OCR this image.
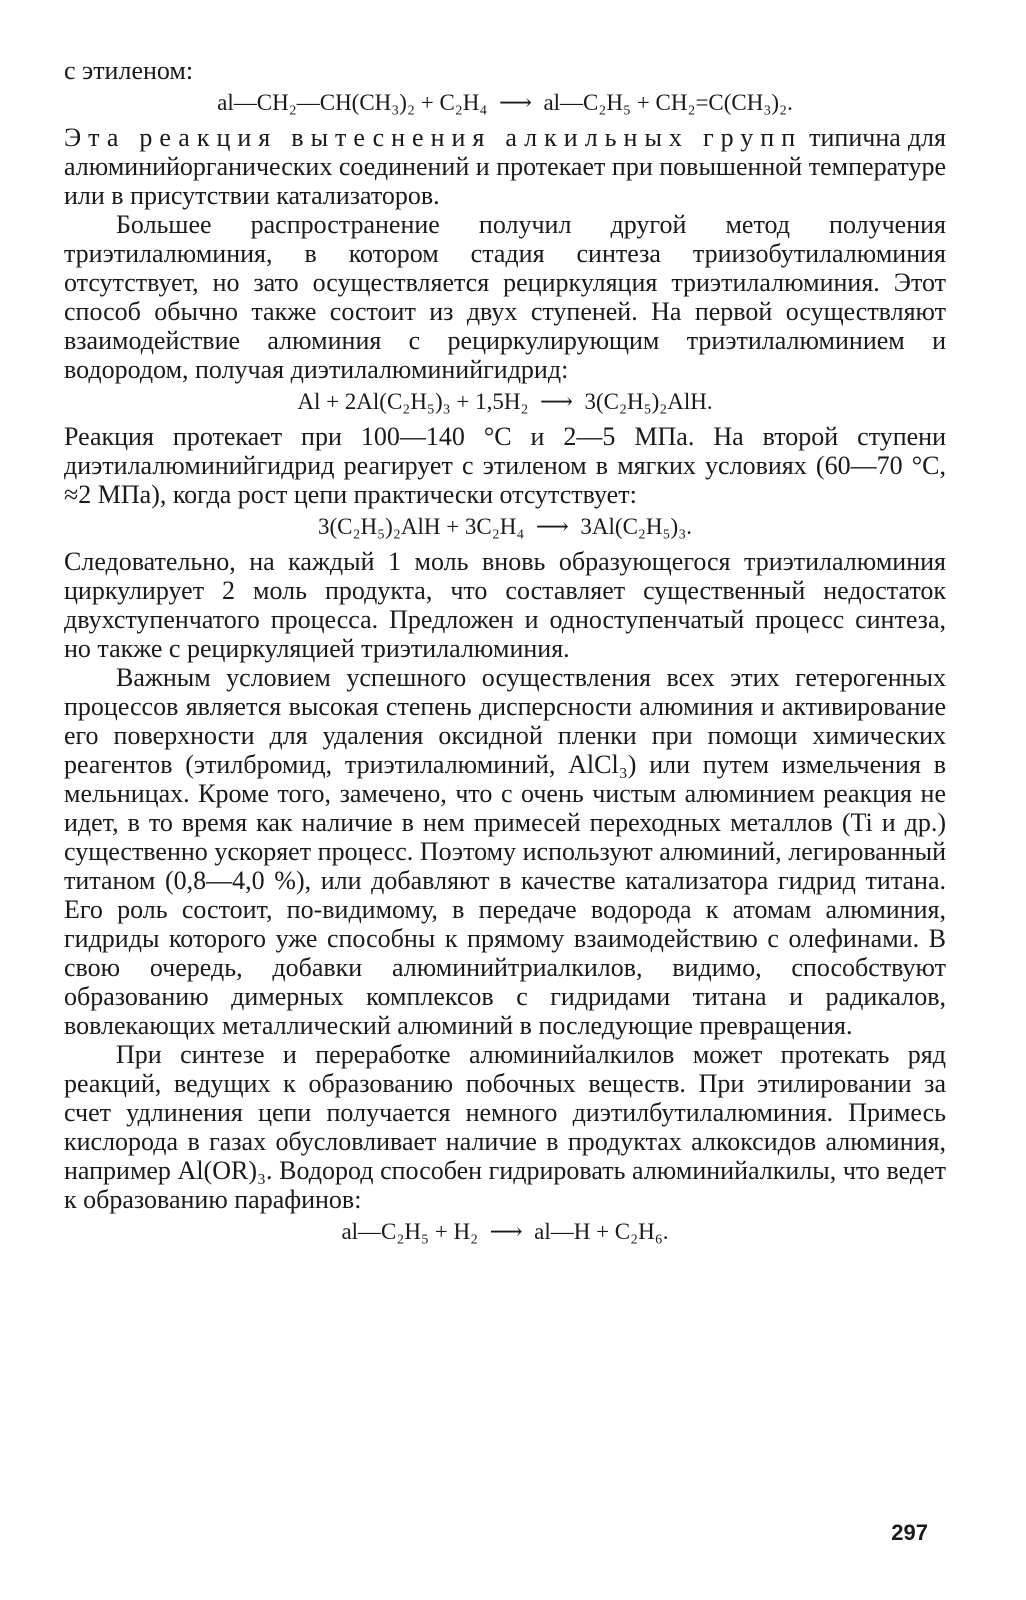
с этиленом:

al—CH₂—CH(CH₃)₂ + C₂H₄ ⟶ al—C₂H₅ + CH₂=C(CH₃)₂.

Эта реакция вытеснения алкильных групп типична для алюминийорганических соединений и протекает при повышенной температуре или в присутствии катализаторов.

Большее распространение получил другой метод получения триэтилалюминия, в котором стадия синтеза триизобутилалюминия отсутствует, но зато осуществляется рециркуляция триэтилалюминия. Этот способ обычно также состоит из двух ступеней. На первой осуществляют взаимодействие алюминия с рециркулирующим триэтилалюминием и водородом, получая диэтилалюминийгидрид:

Al + 2Al(C₂H₅)₃ + 1,5H₂ ⟶ 3(C₂H₅)₂AlH.

Реакция протекает при 100—140 °C и 2—5 МПа. На второй ступени диэтилалюминийгидрид реагирует с этиленом в мягких условиях (60—70 °C, ≈2 МПа), когда рост цепи практически отсутствует:

3(C₂H₅)₂AlH + 3C₂H₄ ⟶ 3Al(C₂H₅)₃.

Следовательно, на каждый 1 моль вновь образующегося триэтилалюминия циркулирует 2 моль продукта, что составляет существенный недостаток двухступенчатого процесса. Предложен и одноступенчатый процесс синтеза, но также с рециркуляцией триэтилалюминия.

Важным условием успешного осуществления всех этих гетерогенных процессов является высокая степень дисперсности алюминия и активирование его поверхности для удаления оксидной пленки при помощи химических реагентов (этилбромид, триэтилалюминий, AlCl₃) или путем измельчения в мельницах. Кроме того, замечено, что с очень чистым алюминием реакция не идет, в то время как наличие в нем примесей переходных металлов (Ti и др.) существенно ускоряет процесс. Поэтому используют алюминий, легированный титаном (0,8—4,0 %), или добавляют в качестве катализатора гидрид титана. Его роль состоит, по-видимому, в передаче водорода к атомам алюминия, гидриды которого уже способны к прямому взаимодействию с олефинами. В свою очередь, добавки алюминийтриалкилов, видимо, способствуют образованию димерных комплексов с гидридами титана и радикалов, вовлекающих металлический алюминий в последующие превращения.

При синтезе и переработке алюминийалкилов может протекать ряд реакций, ведущих к образованию побочных веществ. При этилировании за счет удлинения цепи получается немного диэтилбутилалюминия. Примесь кислорода в газах обусловливает наличие в продуктах алкоксидов алюминия, например Al(OR)₃. Водород способен гидрировать алюминийалкилы, что ведет к образованию парафинов:

al—C₂H₅ + H₂ ⟶ al—H + C₂H₆.

297
